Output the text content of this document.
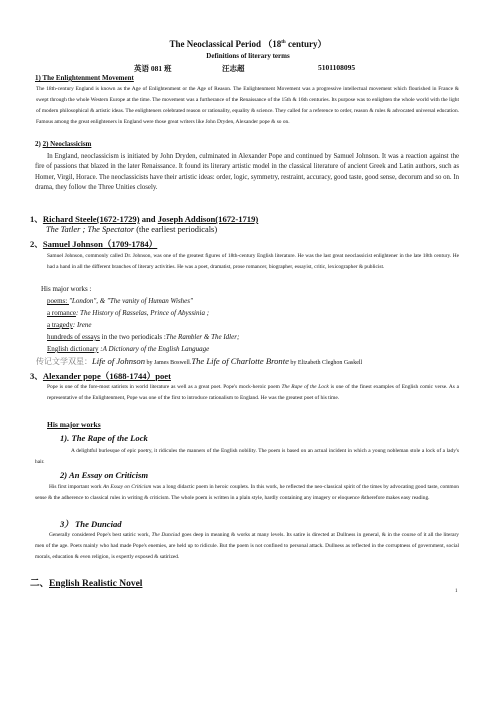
The Neoclassical Period （18th century）
Definitions of literary terms
英语 081 班	汪志超	5101108095
1) The Enlightenment Movement
The 18th-century England is known as the Age of Enlightenment or the Age of Reason. The Enlightenment Movement was a progressive intellectual movement which flourished in France & swept through the whole Western Europe at the time. The movement was a furtherance of the Renaissance of the 15th & 16th centuries. Its purpose was to enlighten the whole world with the light of modern philosophical & artistic ideas. The enlighteners celebrated reason or rationality, equality & science. They called for a reference to order, reason & rules & advocated universal education. Famous among the great enlighteners in England were those great writers like John Dryden, Alexander pope & so on.
2) 2) Neoclassicism
In England, neoclassicism is initiated by John Dryden, culminated in Alexander Pope and continued by Samuel Johnson. It was a reaction against the fire of passions that blazed in the later Renaissance. It found its literary artistic model in the classical literature of ancient Greek and Latin authors, such as Homer, Virgil, Horace. The neoclassicists have their artistic ideas: order, logic, symmetry, restraint, accuracy, good taste, good sense, decorum and so on. In drama, they follow the Three Unities closely.
1、Richard Steele(1672-1729) and Joseph Addison(1672-1719)
The Tatler ; The Spectator (the earliest periodicals)
2、Samuel Johnson（1709-1784）
Samuel Johnson, commonly called Dr. Johnson, was one of the greatest figures of 18th-century English literature. He was the last great neoclassicist enlightener in the late 18th century. He had a hand in all the different branches of literary activities. He was a poet, dramatist, prose romancer, biographer, essayist, critic, lexicographer & publicist.
His major works :
poems: "London", & "The vanity of Human Wishes"
a romance: The History of Rasselas, Prince of Abyssinia ;
a tragedy: Irene
hundreds of essays in the two periodicals :The Rambler & The Idler;
English dictionary :A Dictionary of the English Language
传记文学双星：Life of Johnson by James Boswell.The Life of Charlotte Bronte by Elizabeth Cleghon Gaskell
3、Alexander pope（1688-1744）poet
Pope is one of the fore-most satirists in world literature as well as a great poet. Pope's mock-heroic poem The Rape of the Lock is one of the finest examples of English comic verse. As a representative of the Enlightenment, Pope was one of the first to introduce rationalism to England. He was the greatest poet of his time.
His major works
1). The Rape of the Lock
A delightful burlesque of epic poetry, it ridicules the manners of the English nobility. The poem is based on an actual incident in which a young nobleman stole a lock of a lady's hair.
2) An Essay on Criticism
His first important work An Essay on Criticism was a long didactic poem in heroic couplets. In this work, he reflected the neo-classical spirit of the times by advocating good taste, common sense & the adherence to classical rules in writing & criticism. The whole poem is written in a plain style, hardly containing any imagery or eloquence &therefore makes easy reading.
3） The Dunciad
Generally considered Pope's best satiric work, The Dunciad goes deep in meaning & works at many levels. Its satire is directed at Dullness in general, & in the course of it all the literary men of the age. Poets mainly who had made Pope's enemies, are held up to ridicule. But the poem is not confined to personal attack. Dullness as reflected in the corruptness of government, social morals, education & even religion, is expertly exposed & satirized.
二、English Realistic Novel
1
